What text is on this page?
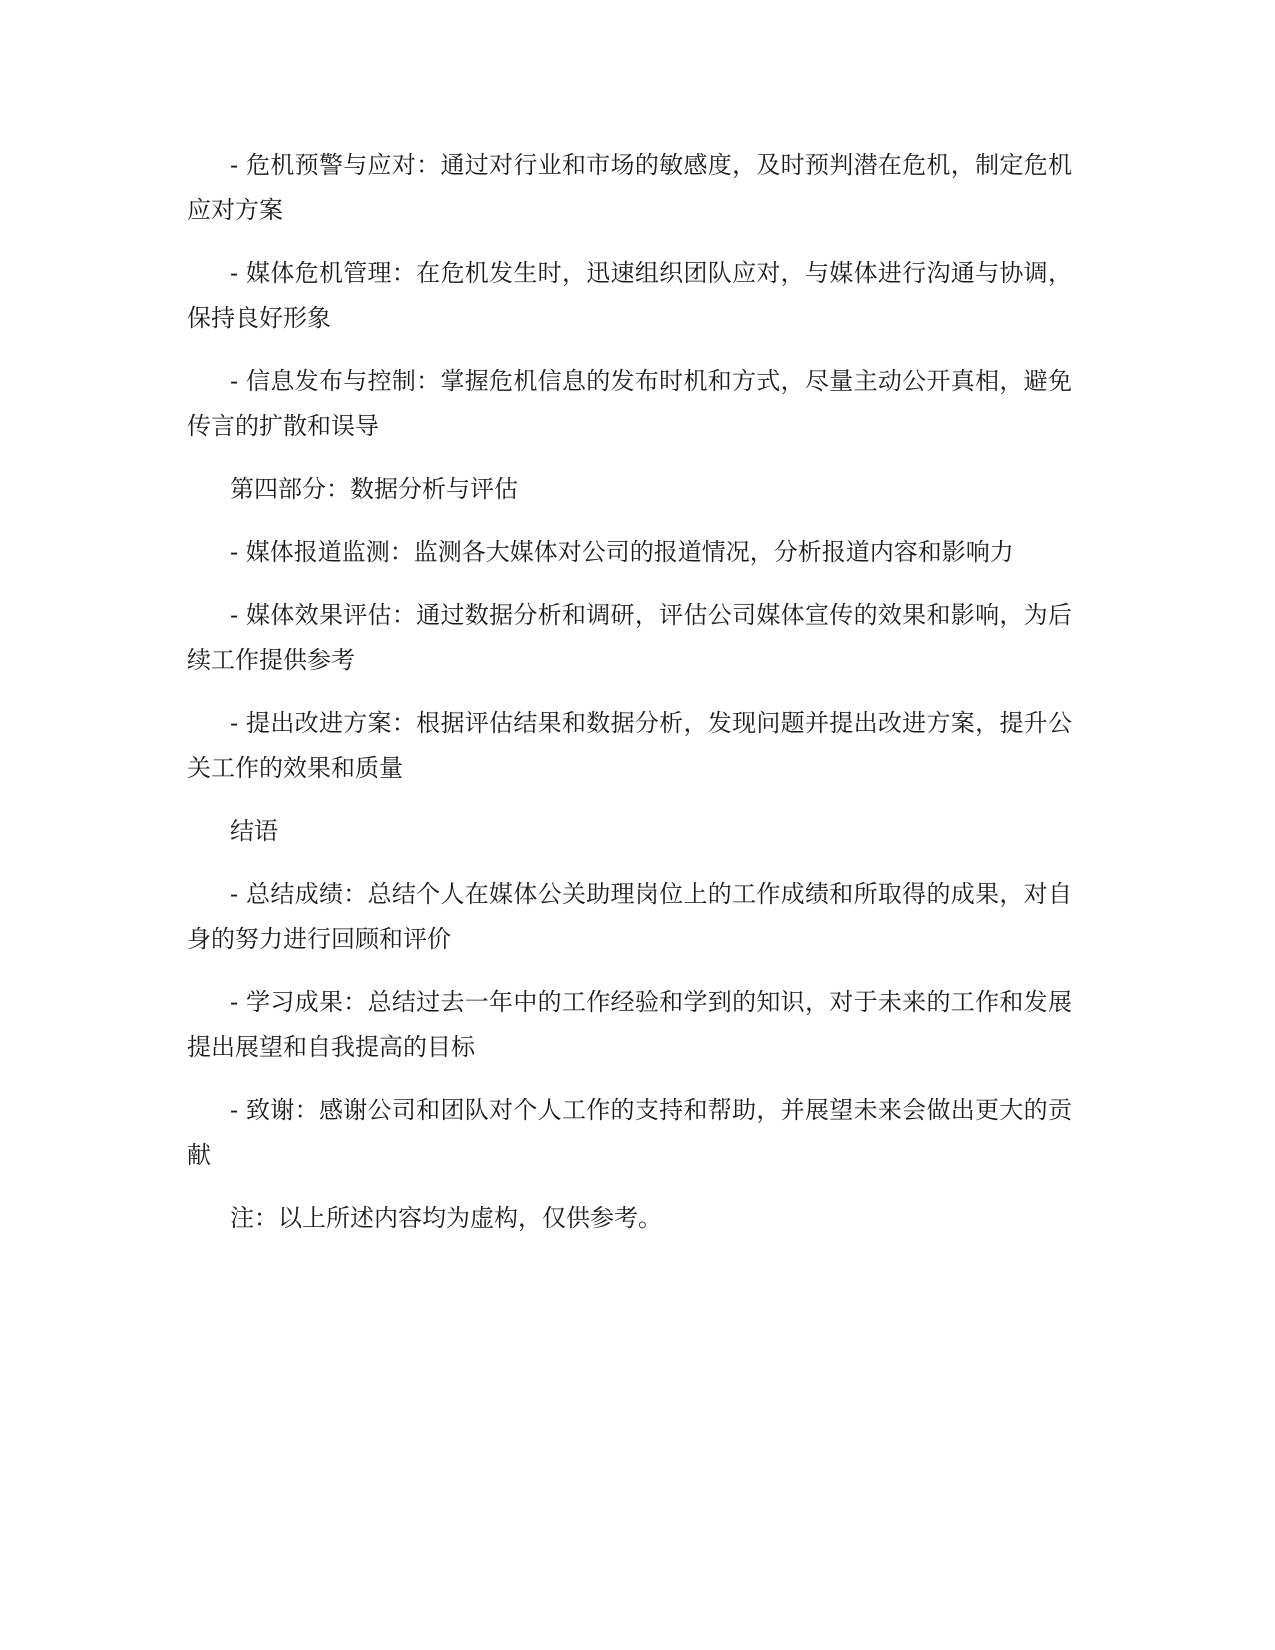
- 危机预警与应对：通过对行业和市场的敏感度，及时预判潜在危机，制定危机应对方案

- 媒体危机管理：在危机发生时，迅速组织团队应对，与媒体进行沟通与协调，保持良好形象

- 信息发布与控制：掌握危机信息的发布时机和方式，尽量主动公开真相，避免传言的扩散和误导

第四部分：数据分析与评估

- 媒体报道监测：监测各大媒体对公司的报道情况，分析报道内容和影响力

- 媒体效果评估：通过数据分析和调研，评估公司媒体宣传的效果和影响，为后续工作提供参考

- 提出改进方案：根据评估结果和数据分析，发现问题并提出改进方案，提升公关工作的效果和质量

结语

- 总结成绩：总结个人在媒体公关助理岗位上的工作成绩和所取得的成果，对自身的努力进行回顾和评价

- 学习成果：总结过去一年中的工作经验和学到的知识，对于未来的工作和发展提出展望和自我提高的目标

- 致谢：感谢公司和团队对个人工作的支持和帮助，并展望未来会做出更大的贡献

注：以上所述内容均为虚构，仅供参考。
